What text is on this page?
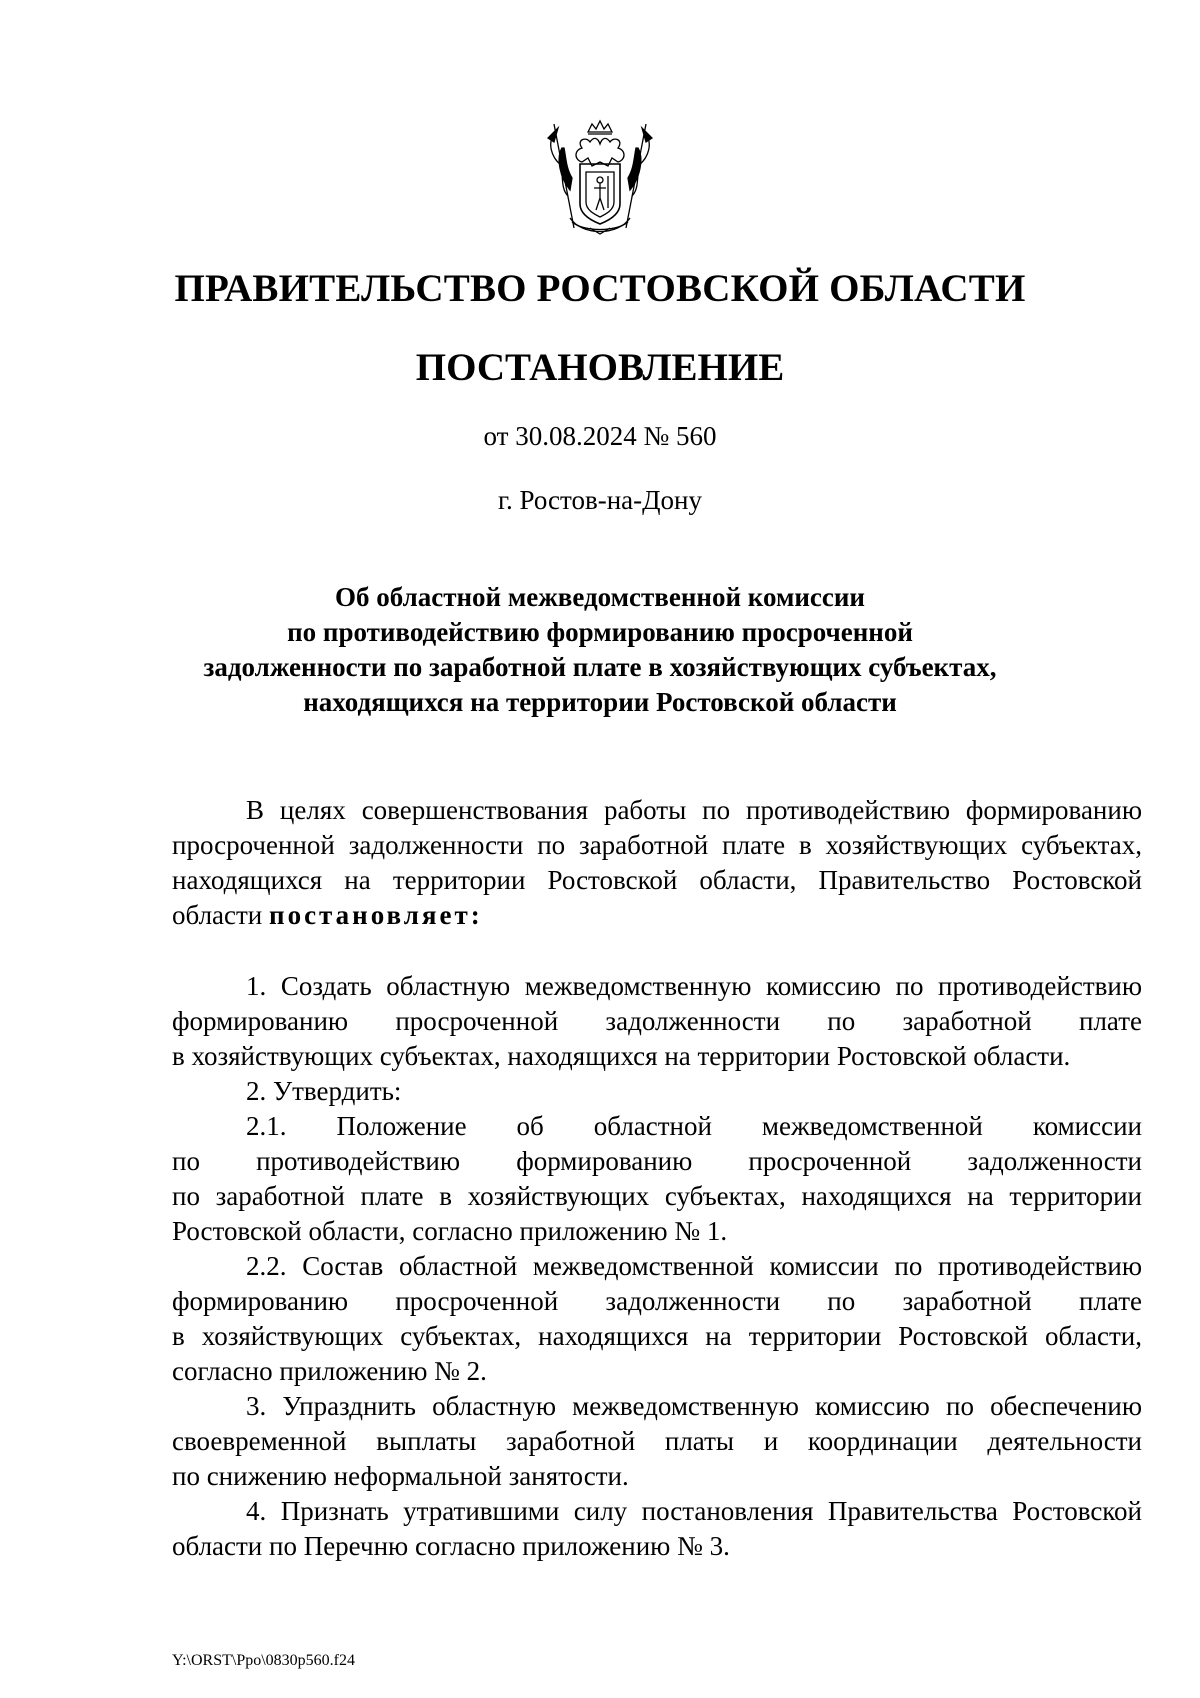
ПРАВИТЕЛЬСТВО РОСТОВСКОЙ ОБЛАСТИ
ПОСТАНОВЛЕНИЕ
от 30.08.2024 № 560
г. Ростов-на-Дону
Об областной межведомственной комиссии
по противодействию формированию просроченной
задолженности по заработной плате в хозяйствующих субъектах,
находящихся на территории Ростовской области
В целях совершенствования работы по противодействию формированию
просроченной задолженности по заработной плате в хозяйствующих субъектах,
находящихся на территории Ростовской области, Правительство Ростовской
области постановляет:
1. Создать областную межведомственную комиссию по противодействию
формированию просроченной задолженности по заработной плате
в хозяйствующих субъектах, находящихся на территории Ростовской области.
2. Утвердить:
2.1. Положение об областной межведомственной комиссии
по противодействию формированию просроченной задолженности
по заработной плате в хозяйствующих субъектах, находящихся на территории
Ростовской области, согласно приложению № 1.
2.2. Состав областной межведомственной комиссии по противодействию
формированию просроченной задолженности по заработной плате
в хозяйствующих субъектах, находящихся на территории Ростовской области,
согласно приложению № 2.
3. Упразднить областную межведомственную комиссию по обеспечению
своевременной выплаты заработной платы и координации деятельности
по снижению неформальной занятости.
4. Признать утратившими силу постановления Правительства Ростовской
области по Перечню согласно приложению № 3.
Y:\ORST\Ppo\0830p560.f24
